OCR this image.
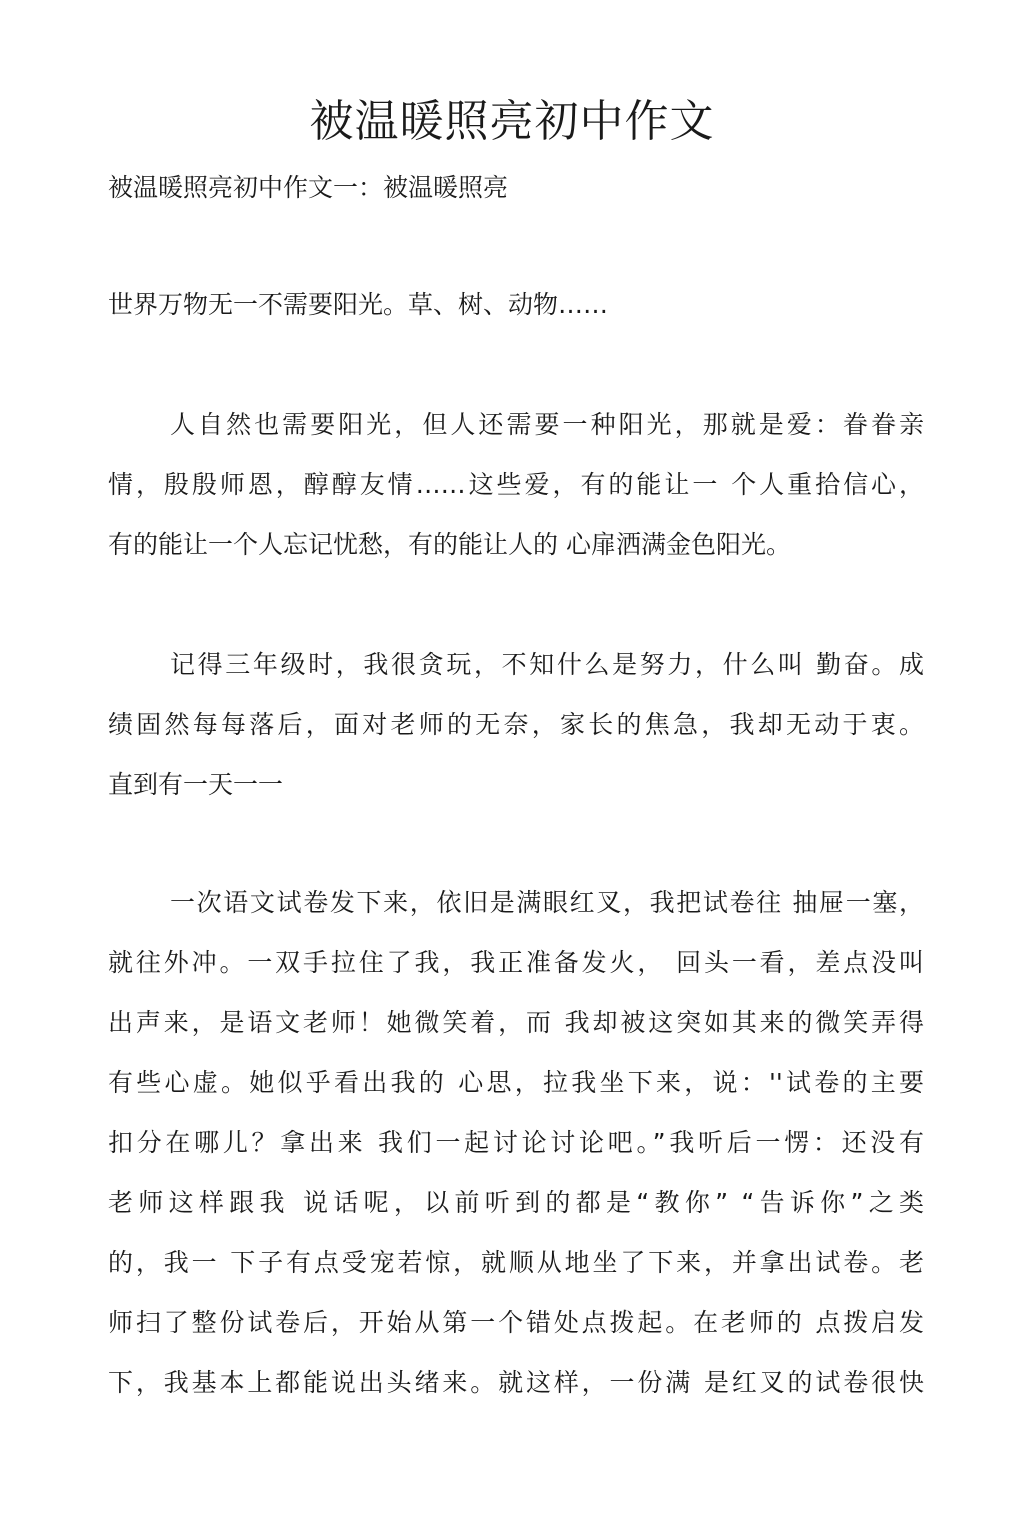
被温暖照亮初中作文

被温暖照亮初中作文一：被温暖照亮

世界万物无一不需要阳光。草、树、动物……

人自然也需要阳光，但人还需要一种阳光，那就是爱：眷眷亲

情，殷殷师恩，醇醇友情……这些爱，有的能让一 个人重拾信心，

有的能让一个人忘记忧愁，有的能让人的 心扉洒满金色阳光。

记得三年级时，我很贪玩，不知什么是努力，什么叫 勤奋。成

绩固然每每落后，面对老师的无奈，家长的焦急，我却无动于衷。

直到有一天一一

一次语文试卷发下来，依旧是满眼红叉，我把试卷往 抽屉一塞，

就往外冲。一双手拉住了我，我正准备发火， 回头一看，差点没叫

出声来，是语文老师！她微笑着，而 我却被这突如其来的微笑弄得

有些心虚。她似乎看出我的 心思，拉我坐下来，说：''试卷的主要

扣分在哪儿？拿出来 我们一起讨论讨论吧。”我听后一愣：还没有

老师这样跟我 说话呢，以前听到的都是“教你” “告诉你”之类

的，我一 下子有点受宠若惊，就顺从地坐了下来，并拿出试卷。老

师扫了整份试卷后，开始从第一个错处点拨起。在老师的 点拨启发

下，我基本上都能说出头绪来。就这样，一份满 是红叉的试卷很快
